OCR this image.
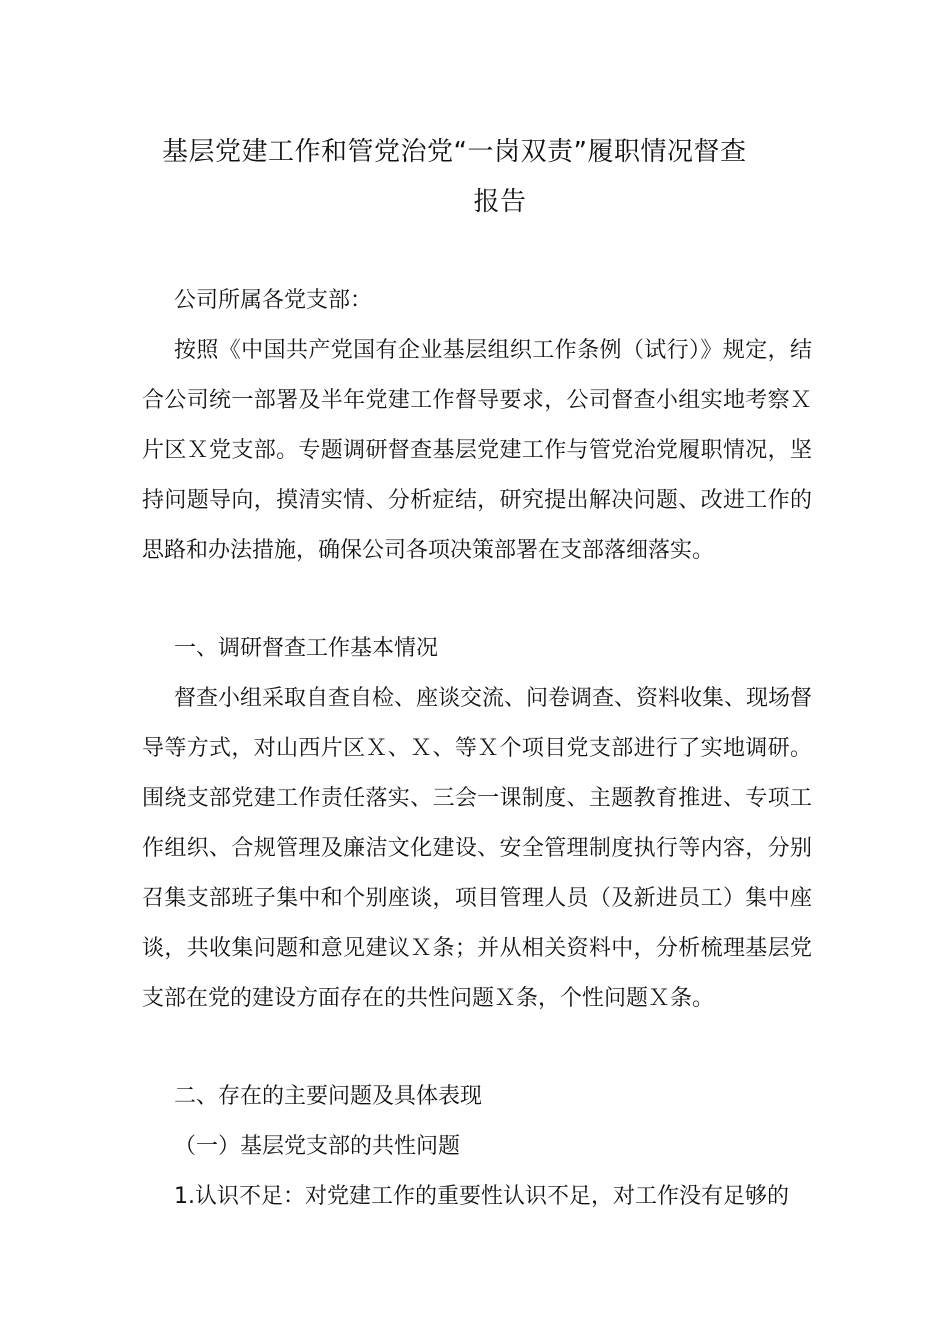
基层党建工作和管党治党“一岗双责”履职情况督查
报告

公司所属各党支部：

按照《中国共产党国有企业基层组织工作条例（试行）》规定，结合公司统一部署及半年党建工作督导要求，公司督查小组实地考察Ｘ片区Ｘ党支部。专题调研督查基层党建工作与管党治党履职情况，坚持问题导向，摸清实情、分析症结，研究提出解决问题、改进工作的思路和办法措施，确保公司各项决策部署在支部落细落实。

一、调研督查工作基本情况

督查小组采取自查自检、座谈交流、问卷调查、资料收集、现场督导等方式，对山西片区Ｘ、Ｘ、等Ｘ个项目党支部进行了实地调研。围绕支部党建工作责任落实、三会一课制度、主题教育推进、专项工作组织、合规管理及廉洁文化建设、安全管理制度执行等内容，分别召集支部班子集中和个别座谈，项目管理人员（及新进员工）集中座谈，共收集问题和意见建议Ｘ条；并从相关资料中，分析梳理基层党支部在党的建设方面存在的共性问题Ｘ条，个性问题Ｘ条。

二、存在的主要问题及具体表现

（一）基层党支部的共性问题

1.认识不足：对党建工作的重要性认识不足，对工作没有足够的
